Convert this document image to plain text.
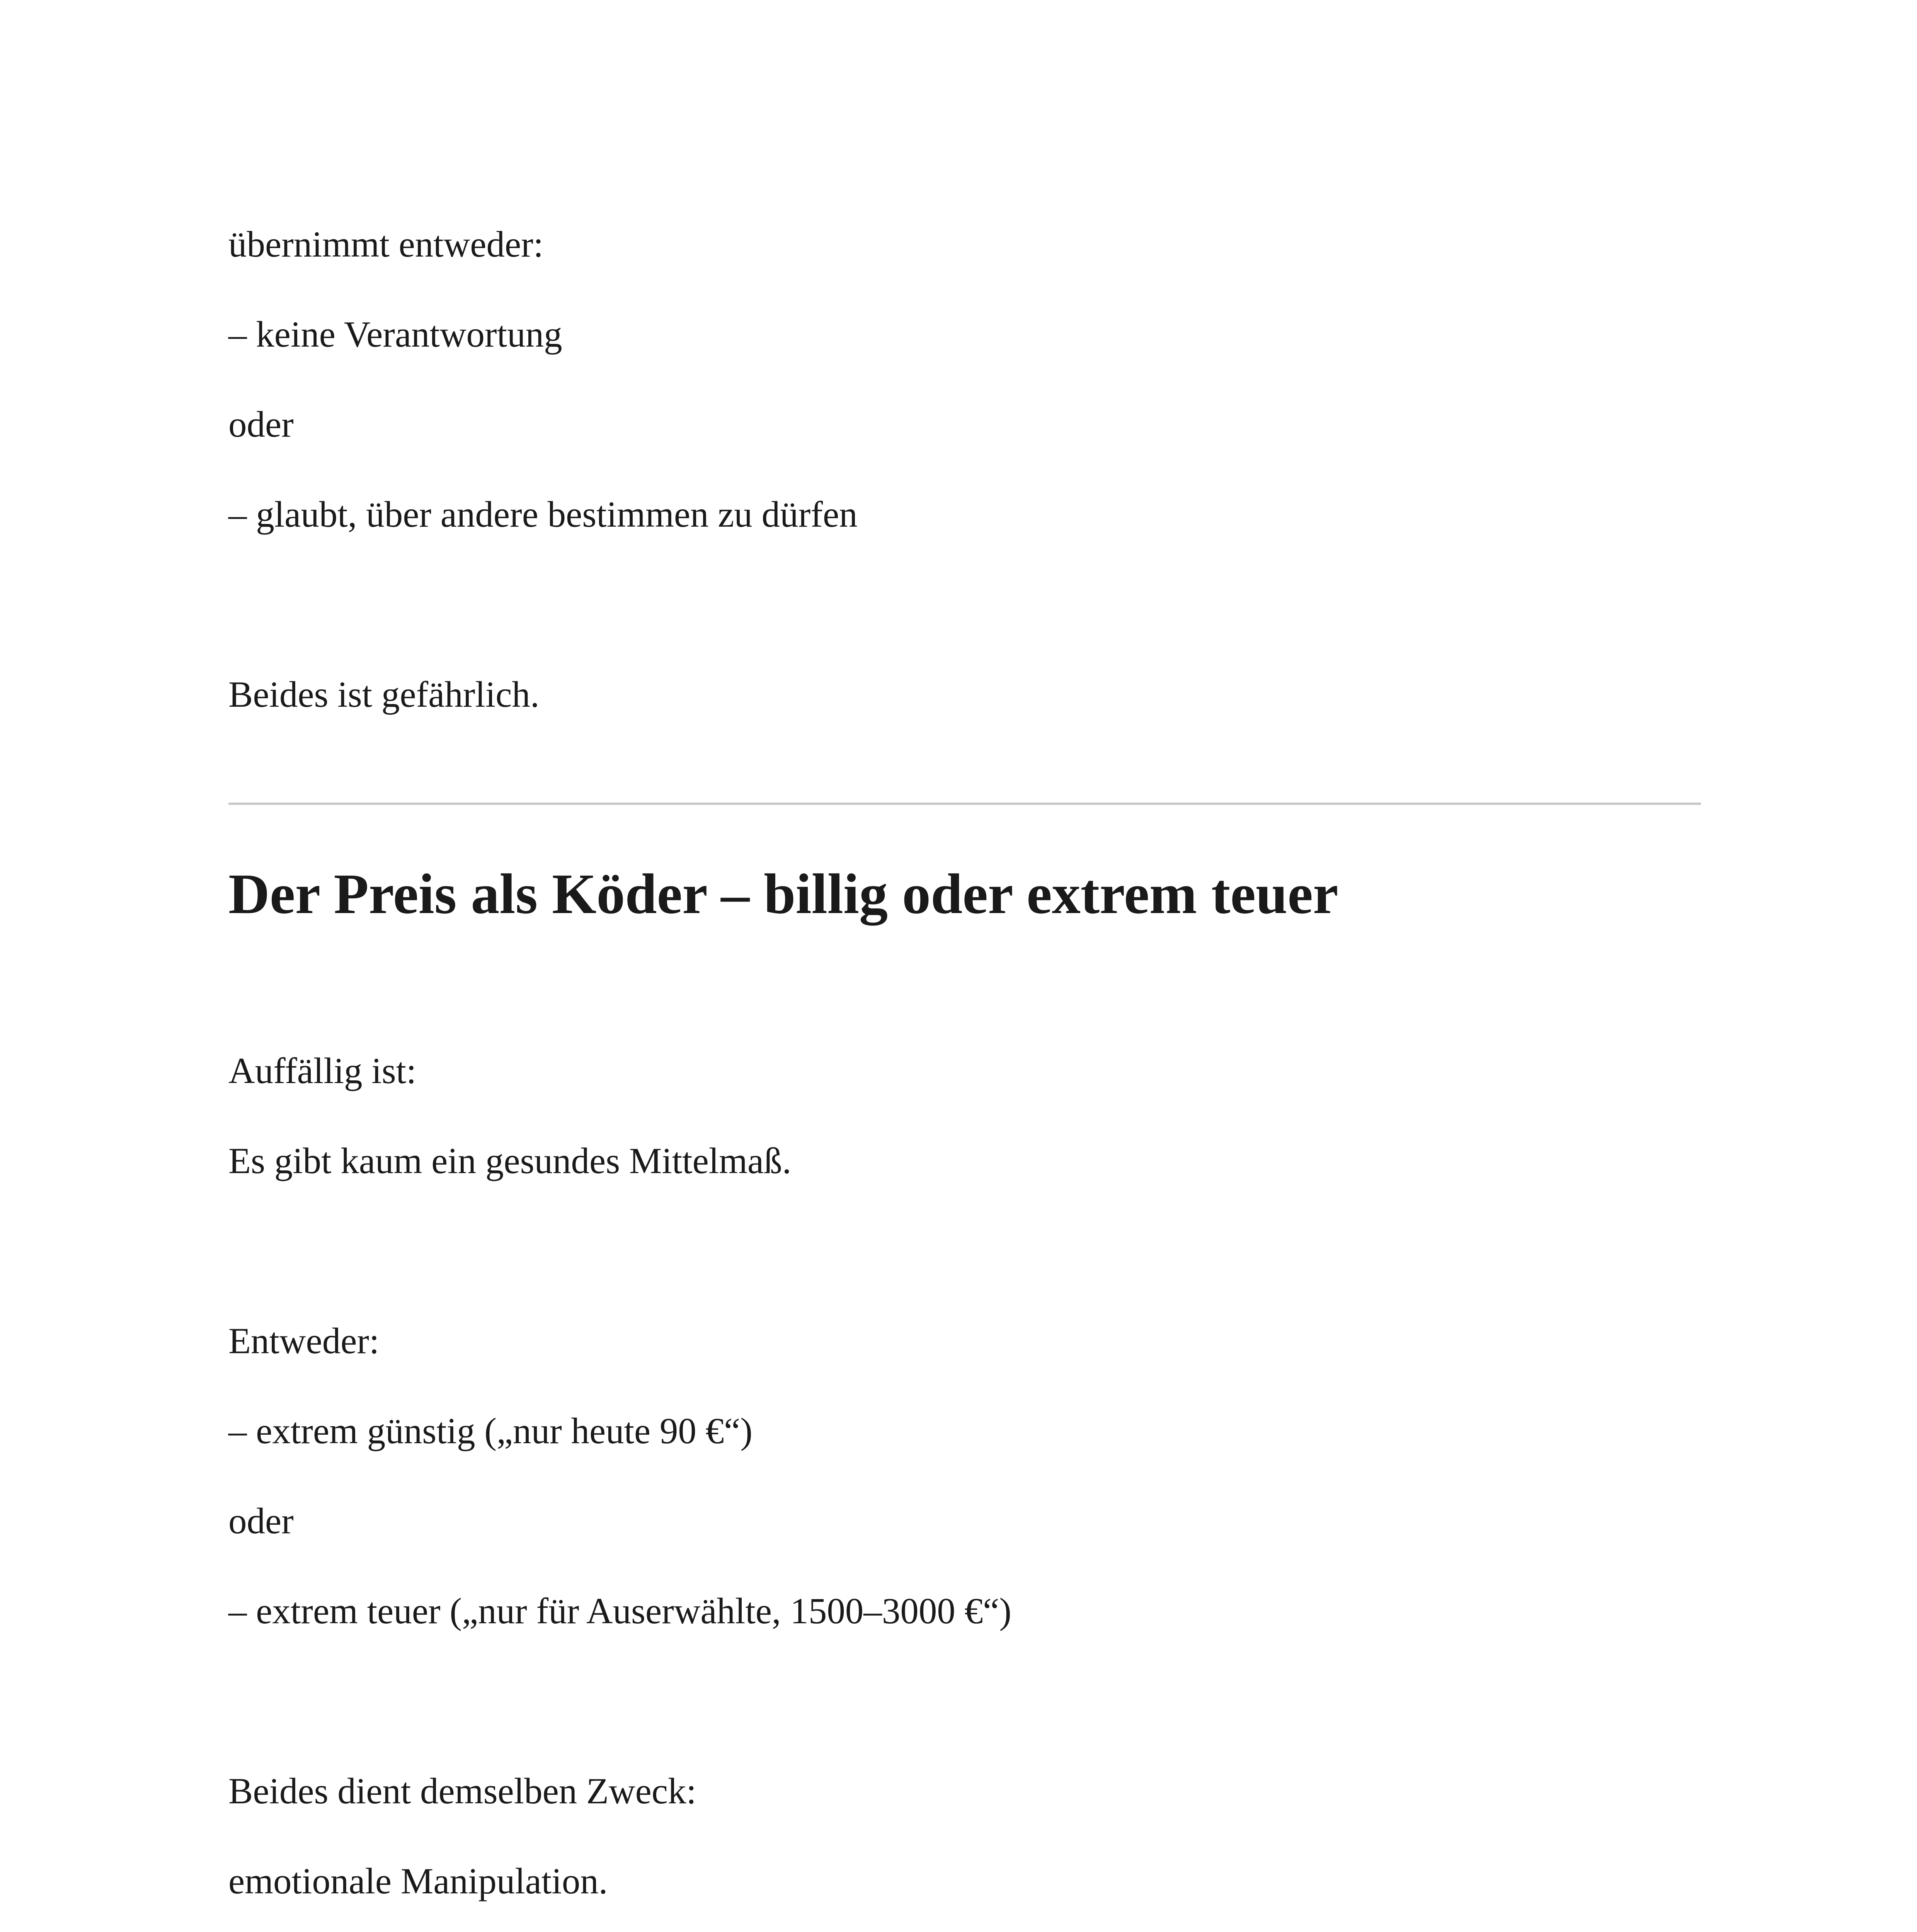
übernimmt entweder:

– keine Verantwortung

oder

– glaubt, über andere bestimmen zu dürfen

Beides ist gefährlich.

Der Preis als Köder – billig oder extrem teuer

Auffällig ist:

Es gibt kaum ein gesundes Mittelmaß.

Entweder:

– extrem günstig („nur heute 90 €“)

oder

– extrem teuer („nur für Auserwählte, 1500–3000 €“)

Beides dient demselben Zweck:

emotionale Manipulation.
